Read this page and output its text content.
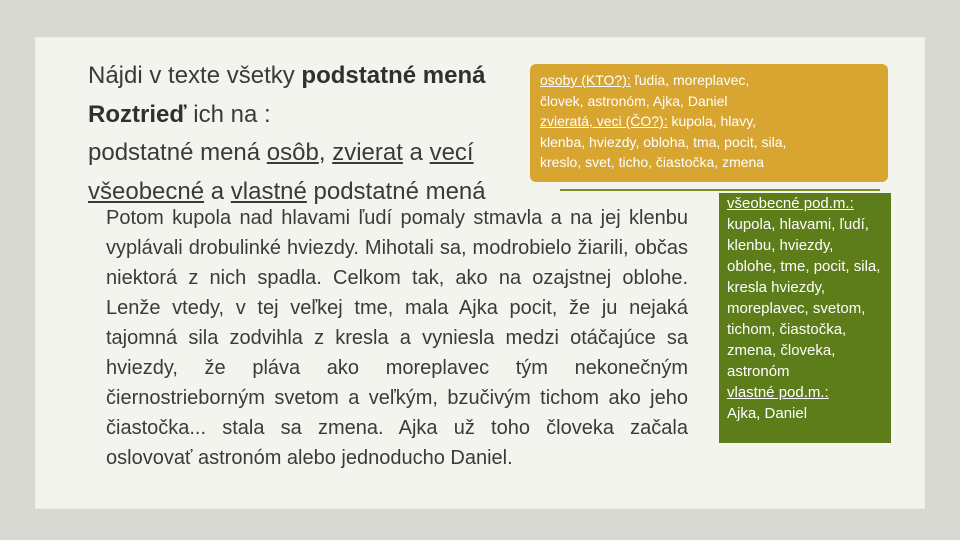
Nájdi v texte všetky podstatné mená
Roztrieď ich na :
podstatné mená osôb, zvierat a vecí
všeobecné a vlastné podstatné mená
osoby (KTO?): ľudia, moreplavec,
človek, astronóm, Ajka, Daniel
zvieratá, veci (ČO?): kupola, hlavy,
klenba, hviezdy, obloha, tma, pocit, sila,
kreslo, svet, ticho, čiastočka, zmena
Potom kupola nad hlavami ľudí pomaly stmavla a na jej klenbu vyplávali drobulinké hviezdy. Mihotali sa, modrobielo žiarili, občas niektorá z nich spadla. Celkom tak, ako na ozajstnej oblohe. Lenže vtedy, v tej veľkej tme, mala Ajka pocit, že ju nejaká tajomná sila zodvihla z kresla a vyniesla medzi otáčajúce sa hviezdy, že pláva ako moreplavec tým nekonečným čiernostrieborným svetom a veľkým, bzučivým tichom ako jeho čiastočka... stala sa zmena. Ajka už toho človeka začala oslovovať astronóm alebo jednoducho Daniel.
všeobecné pod.m.:
kupola, hlavami, ľudí, klenbu, hviezdy, oblohe, tme, pocit, sila, kresla hviezdy, moreplavec, svetom, tichom, čiastočka, zmena, človeka, astronóm
vlastné pod.m.:
Ajka, Daniel
